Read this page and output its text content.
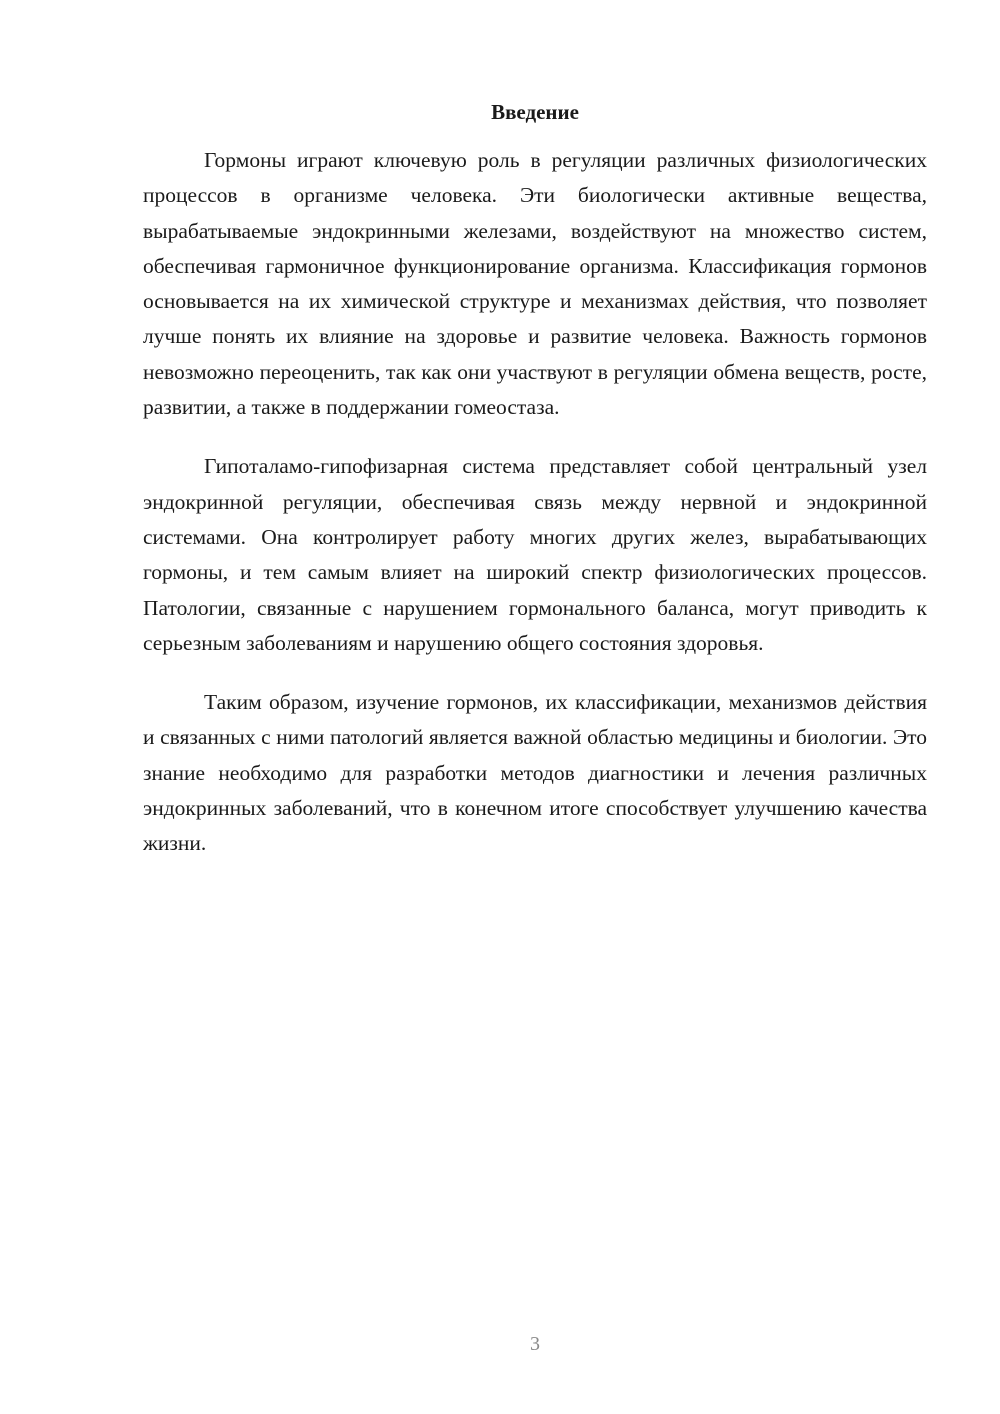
Введение

Гормоны играют ключевую роль в регуляции различных физиологических процессов в организме человека. Эти биологически активные вещества, вырабатываемые эндокринными железами, воздействуют на множество систем, обеспечивая гармоничное функционирование организма. Классификация гормонов основывается на их химической структуре и механизмах действия, что позволяет лучше понять их влияние на здоровье и развитие человека. Важность гормонов невозможно переоценить, так как они участвуют в регуляции обмена веществ, росте, развитии, а также в поддержании гомеостаза.

Гипоталамо-гипофизарная система представляет собой центральный узел эндокринной регуляции, обеспечивая связь между нервной и эндокринной системами. Она контролирует работу многих других желез, вырабатывающих гормоны, и тем самым влияет на широкий спектр физиологических процессов. Патологии, связанные с нарушением гормонального баланса, могут приводить к серьезным заболеваниям и нарушению общего состояния здоровья.

Таким образом, изучение гормонов, их классификации, механизмов действия и связанных с ними патологий является важной областью медицины и биологии. Это знание необходимо для разработки методов диагностики и лечения различных эндокринных заболеваний, что в конечном итоге способствует улучшению качества жизни.

3
